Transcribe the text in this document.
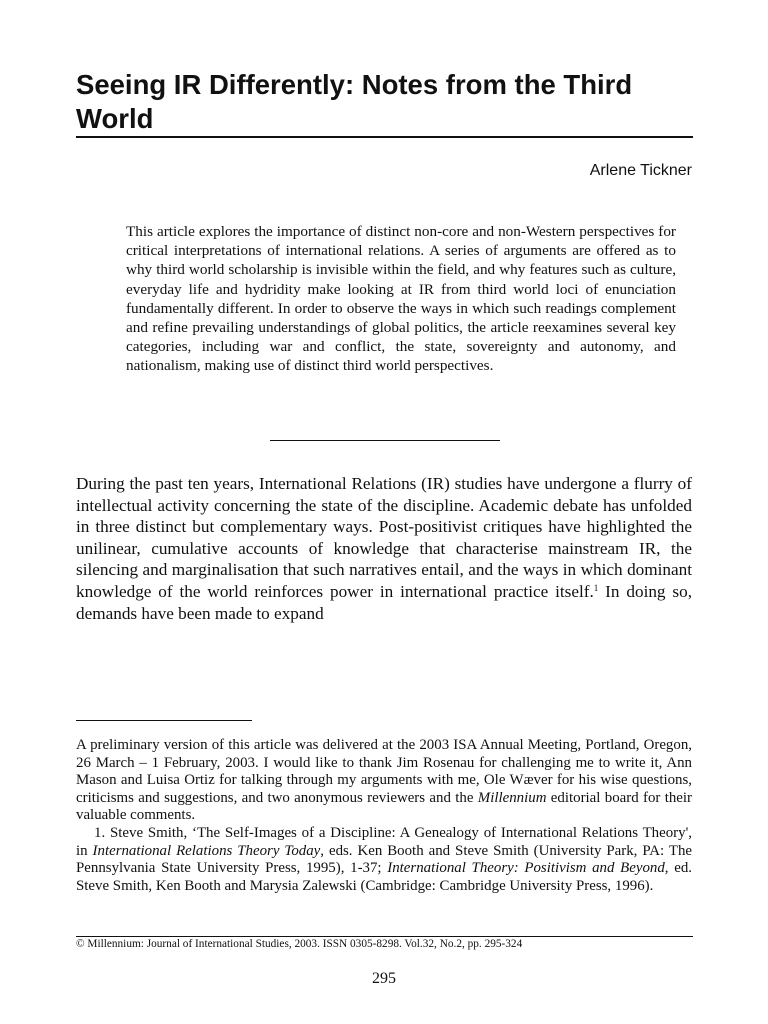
Seeing IR Differently: Notes from the Third World
Arlene Tickner

This article explores the importance of distinct non-core and non-Western perspectives for critical interpretations of international relations. A series of arguments are offered as to why third world scholarship is invisible within the field, and why features such as culture, everyday life and hydridity make looking at IR from third world loci of enunciation fundamentally different. In order to observe the ways in which such readings complement and refine prevailing understandings of global politics, the article reexamines several key categories, including war and conflict, the state, sovereignty and autonomy, and nationalism, making use of distinct third world perspectives.

During the past ten years, International Relations (IR) studies have undergone a flurry of intellectual activity concerning the state of the discipline. Academic debate has unfolded in three distinct but complementary ways. Post-positivist critiques have highlighted the unilinear, cumulative accounts of knowledge that characterise mainstream IR, the silencing and marginalisation that such narratives entail, and the ways in which dominant knowledge of the world reinforces power in international practice itself.$^1$ In doing so, demands have been made to expand

A preliminary version of this article was delivered at the 2003 ISA Annual Meeting, Portland, Oregon, 26 March – 1 February, 2003. I would like to thank Jim Rosenau for challenging me to write it, Ann Mason and Luisa Ortiz for talking through my arguments with me, Ole Wæver for his wise questions, criticisms and suggestions, and two anonymous reviewers and the Millennium editorial board for their valuable comments.

1. Steve Smith, ‘The Self-Images of a Discipline: A Genealogy of International Relations Theory', in International Relations Theory Today, eds. Ken Booth and Steve Smith (University Park, PA: The Pennsylvania State University Press, 1995), 1-37; International Theory: Positivism and Beyond, ed. Steve Smith, Ken Booth and Marysia Zalewski (Cambridge: Cambridge University Press, 1996).

© Millennium: Journal of International Studies, 2003. ISSN 0305-8298. Vol.32, No.2, pp. 295-324
295
